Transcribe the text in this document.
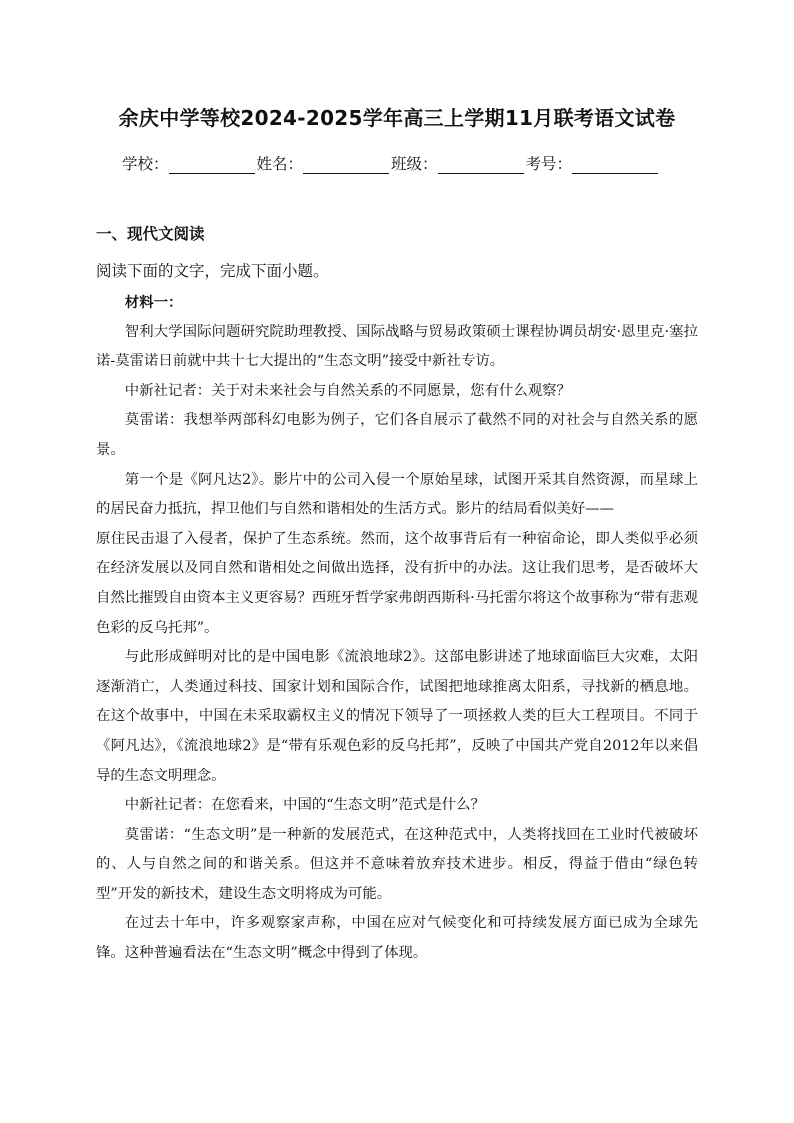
余庆中学等校2024-2025学年高三上学期11月联考语文试卷
学校：	姓名：	班级：	考号：
一、现代文阅读
阅读下面的文字，完成下面小题。

材料一：

智利大学国际问题研究院助理教授、国际战略与贸易政策硕士课程协调员胡安·恩里克·塞拉诺-莫雷诺日前就中共十七大提出的“生态文明”接受中新社专访。

中新社记者：关于对未来社会与自然关系的不同愿景，您有什么观察？

莫雷诺：我想举两部科幻电影为例子，它们各自展示了截然不同的对社会与自然关系的愿景。

第一个是《阿凡达2》。影片中的公司入侵一个原始星球，试图开采其自然资源，而星球上的居民奋力抵抗，捍卫他们与自然和谐相处的生活方式。影片的结局看似美好——

原住民击退了入侵者，保护了生态系统。然而，这个故事背后有一种宿命论，即人类似乎必须在经济发展以及同自然和谐相处之间做出选择，没有折中的办法。这让我们思考，是否破坏大自然比摧毁自由资本主义更容易？西班牙哲学家弗朗西斯科·马托雷尔将这个故事称为“带有悲观色彩的反乌托邦”。

与此形成鲜明对比的是中国电影《流浪地球2》。这部电影讲述了地球面临巨大灾难，太阳逐渐消亡，人类通过科技、国家计划和国际合作，试图把地球推离太阳系，寻找新的栖息地。在这个故事中，中国在未采取霸权主义的情况下领导了一项拯救人类的巨大工程项目。不同于《阿凡达》，《流浪地球2》是“带有乐观色彩的反乌托邦”，反映了中国共产党自2012年以来倡导的生态文明理念。

中新社记者：在您看来，中国的“生态文明”范式是什么？

莫雷诺：“生态文明”是一种新的发展范式，在这种范式中，人类将找回在工业时代被破坏的、人与自然之间的和谐关系。但这并不意味着放弃技术进步。相反，得益于借由“绿色转型”开发的新技术，建设生态文明将成为可能。

在过去十年中，许多观察家声称，中国在应对气候变化和可持续发展方面已成为全球先锋。这种普遍看法在“生态文明”概念中得到了体现。
